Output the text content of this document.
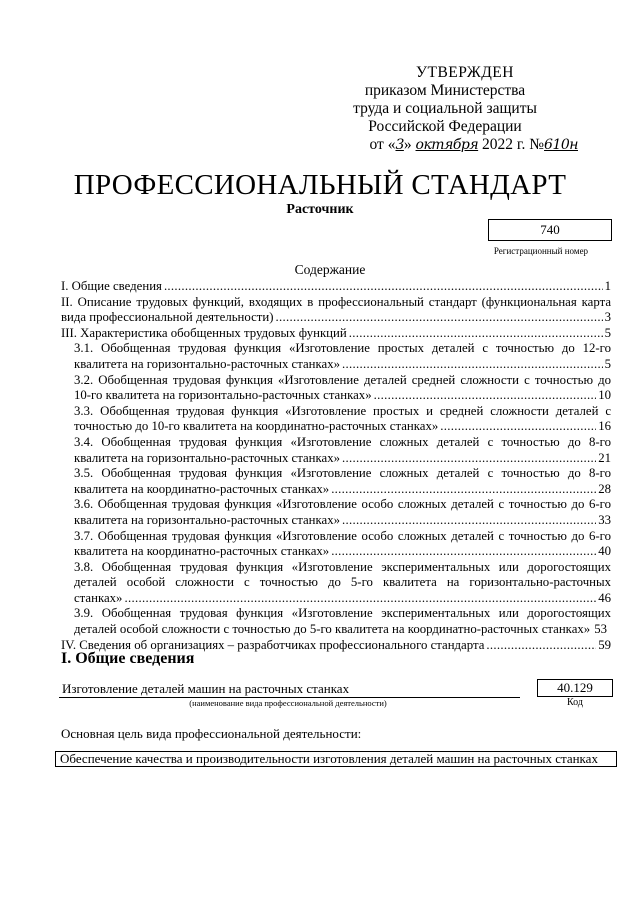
УТВЕРЖДЕН
приказом Министерства
труда и социальной защиты
Российской Федерации
от «3» октября 2022 г. №610н
ПРОФЕССИОНАЛЬНЫЙ СТАНДАРТ
Расточник
740
Регистрационный номер
Содержание
I. Общие сведения .....	1
II. Описание трудовых функций, входящих в профессиональный стандарт (функциональная карта
вида профессиональной деятельности) .....	3
III. Характеристика обобщенных трудовых функций .....	5
3.1. Обобщенная трудовая функция «Изготовление простых деталей с точностью до 12-го
квалитета на горизонтально-расточных станках» .....	5
3.2. Обобщенная трудовая функция «Изготовление деталей средней сложности с точностью до
10-го квалитета на горизонтально-расточных станках» .....	10
3.3. Обобщенная трудовая функция «Изготовление простых и средней сложности деталей с
точностью до 10-го квалитета на координатно-расточных станках» .....	16
3.4. Обобщенная трудовая функция «Изготовление сложных деталей с точностью до 8-го
квалитета на горизонтально-расточных станках» .....	21
3.5. Обобщенная трудовая функция «Изготовление сложных деталей с точностью до 8-го
квалитета на координатно-расточных станках» .....	28
3.6. Обобщенная трудовая функция «Изготовление особо сложных деталей с точностью до 6-го
квалитета на горизонтально-расточных станках» .....	33
3.7. Обобщенная трудовая функция «Изготовление особо сложных деталей с точностью до 6-го
квалитета на координатно-расточных станках» .....	40
3.8. Обобщенная трудовая функция «Изготовление экспериментальных или дорогостоящих
деталей особой сложности с точностью до 5-го квалитета на горизонтально-расточных
станках» .....	46
3.9. Обобщенная трудовая функция «Изготовление экспериментальных или дорогостоящих
деталей особой сложности с точностью до 5-го квалитета на координатно-расточных станках» 53
IV. Сведения об организациях – разработчиках профессионального стандарта .....	59
I. Общие сведения
Изготовление деталей машин на расточных станках
(наименование вида профессиональной деятельности)
40.129
Код
Основная цель вида профессиональной деятельности:
Обеспечение качества и производительности изготовления деталей машин на расточных станках
